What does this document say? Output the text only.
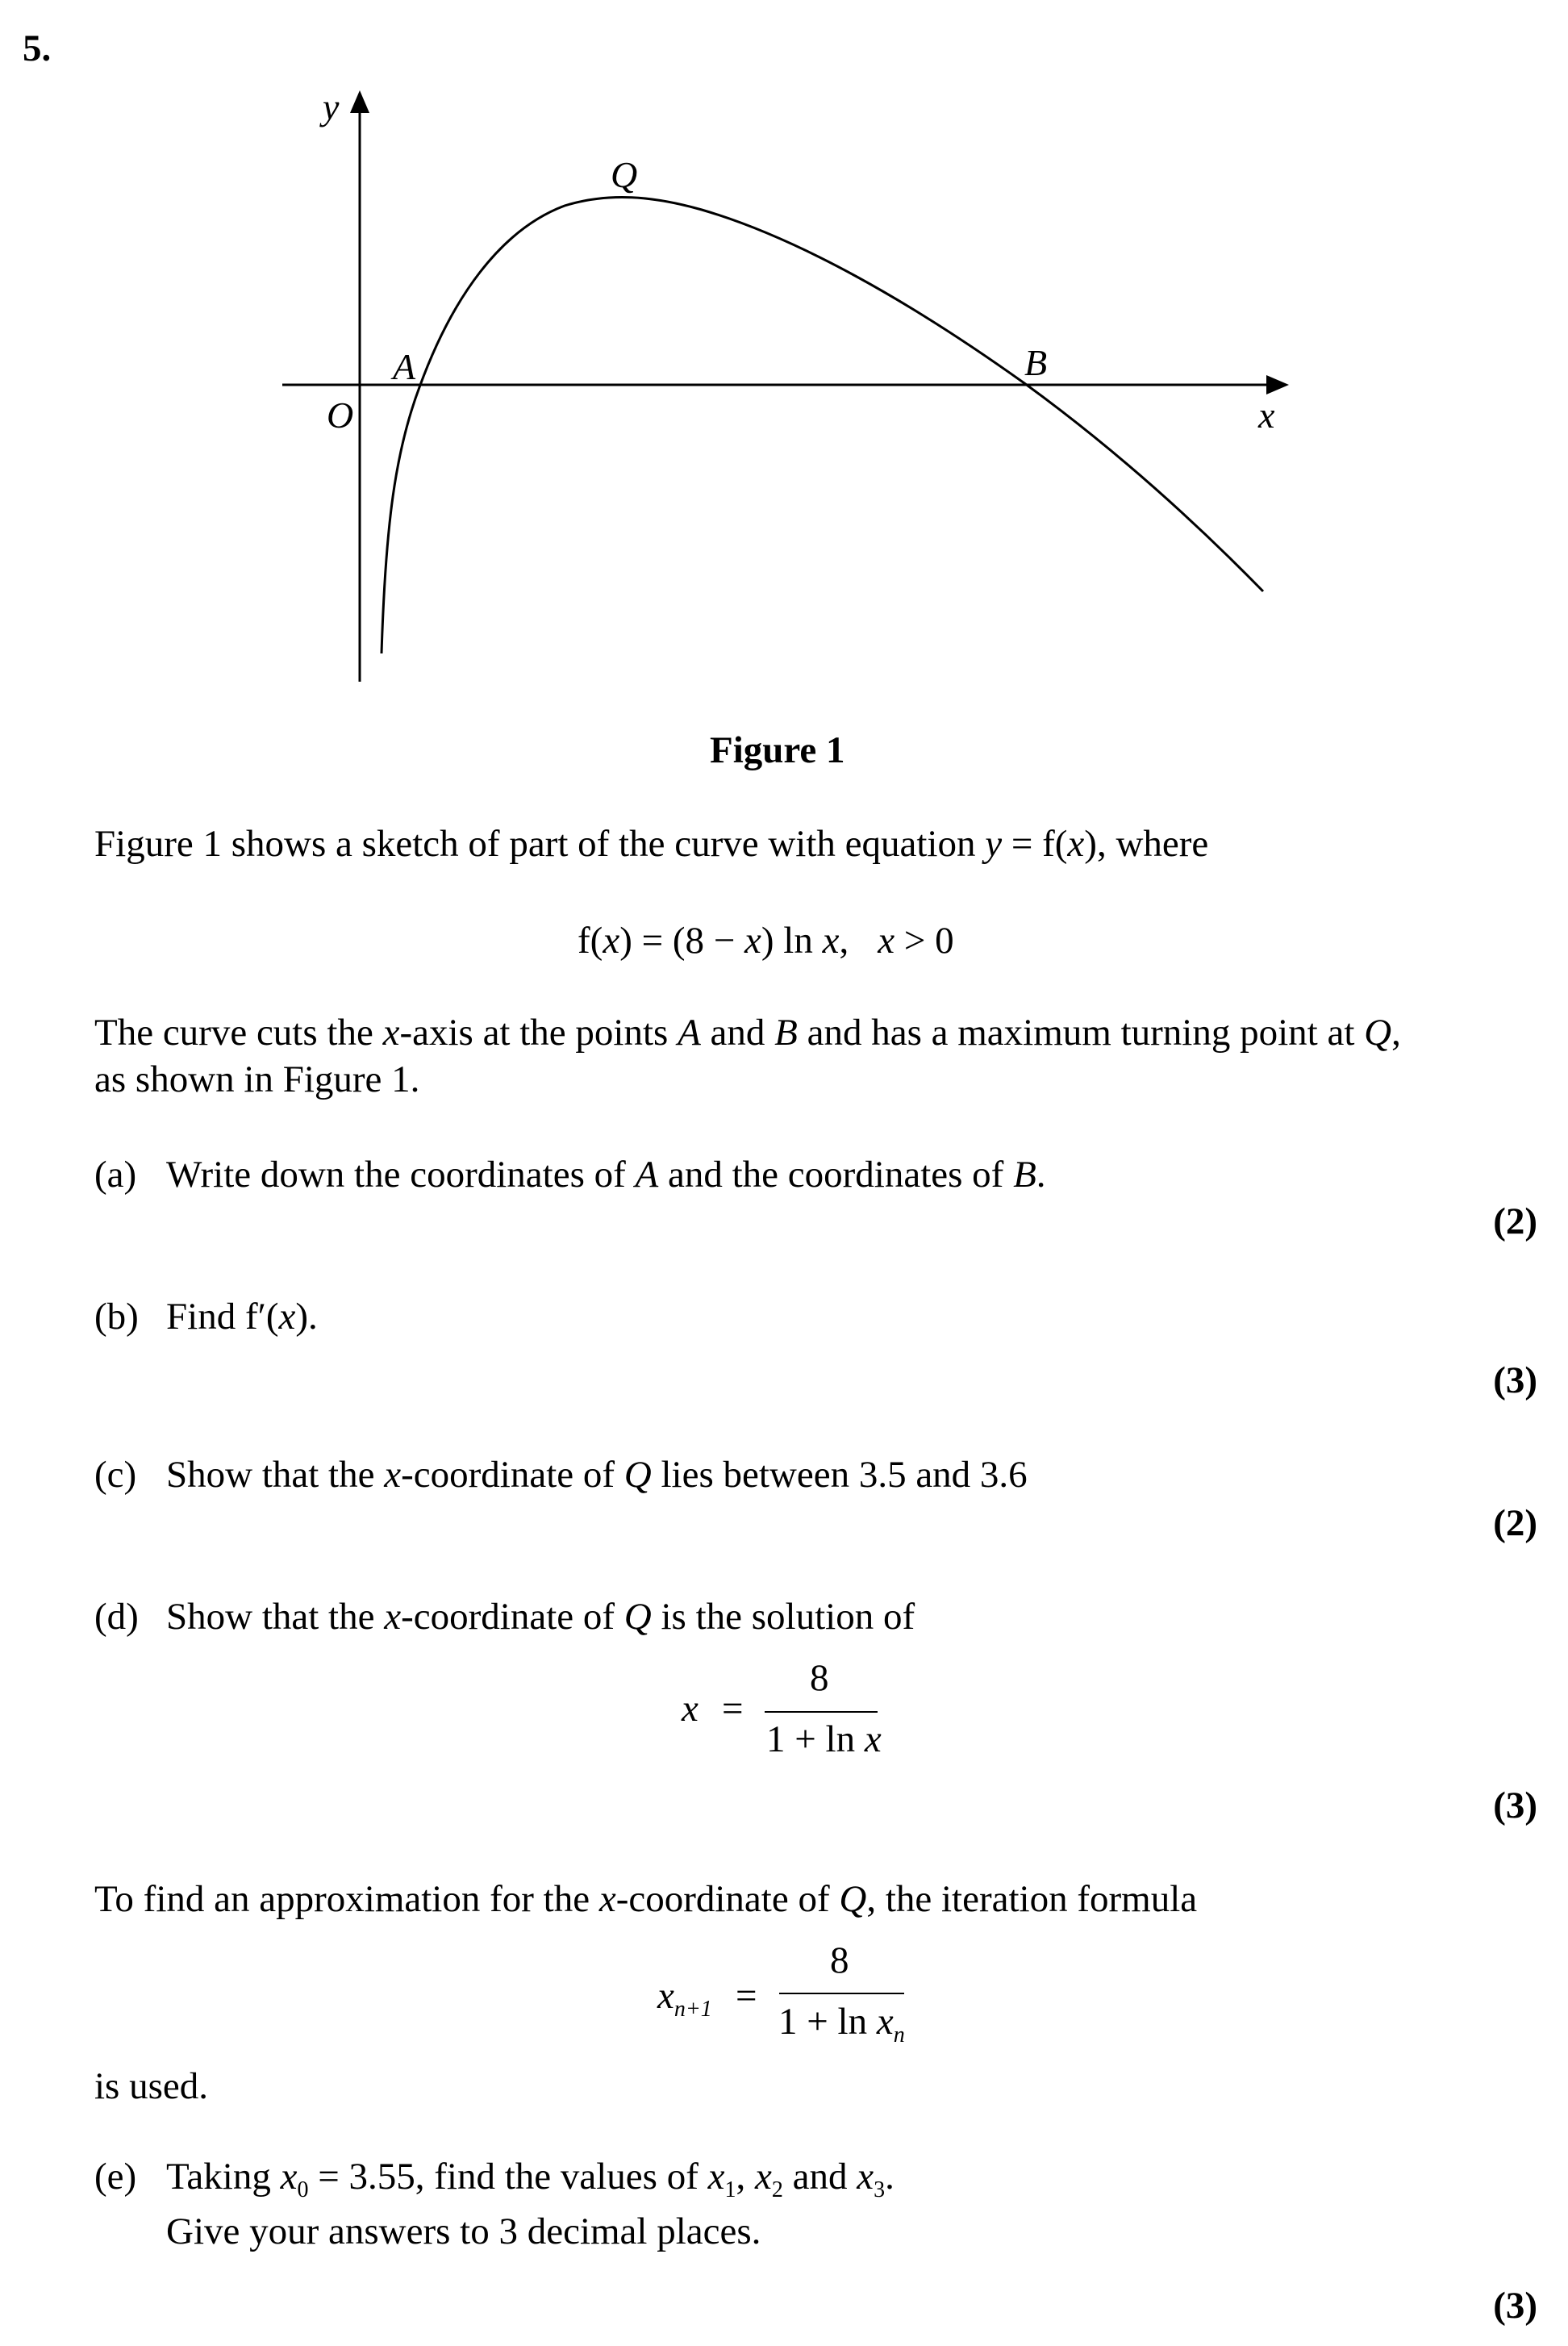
5.
y
x
O
A	B
Q
Figure 1
Figure 1 shows a sketch of part of the curve with equation y = f(x), where
f(x) = (8 − x) ln x, x > 0
The curve cuts the x-axis at the points A and B and has a maximum turning point at Q,
as shown in Figure 1.
(a) Write down the coordinates of A and the coordinates of B.
(2)
(b) Find f′(x).
(3)
(c) Show that the x-coordinate of Q lies between 3.5 and 3.6
(2)
(d) Show that the x-coordinate of Q is the solution of
x =
8
1 + ln x
(3)
To find an approximation for the x-coordinate of Q, the iteration formula
$x_{n+1}$ =
8
$1 + \ln x_n$
is used.
(e) Taking $x_0 = 3.55$, find the values of $x_1$, $x_2$ and $x_3$.
Give your answers to 3 decimal places.
(3)
